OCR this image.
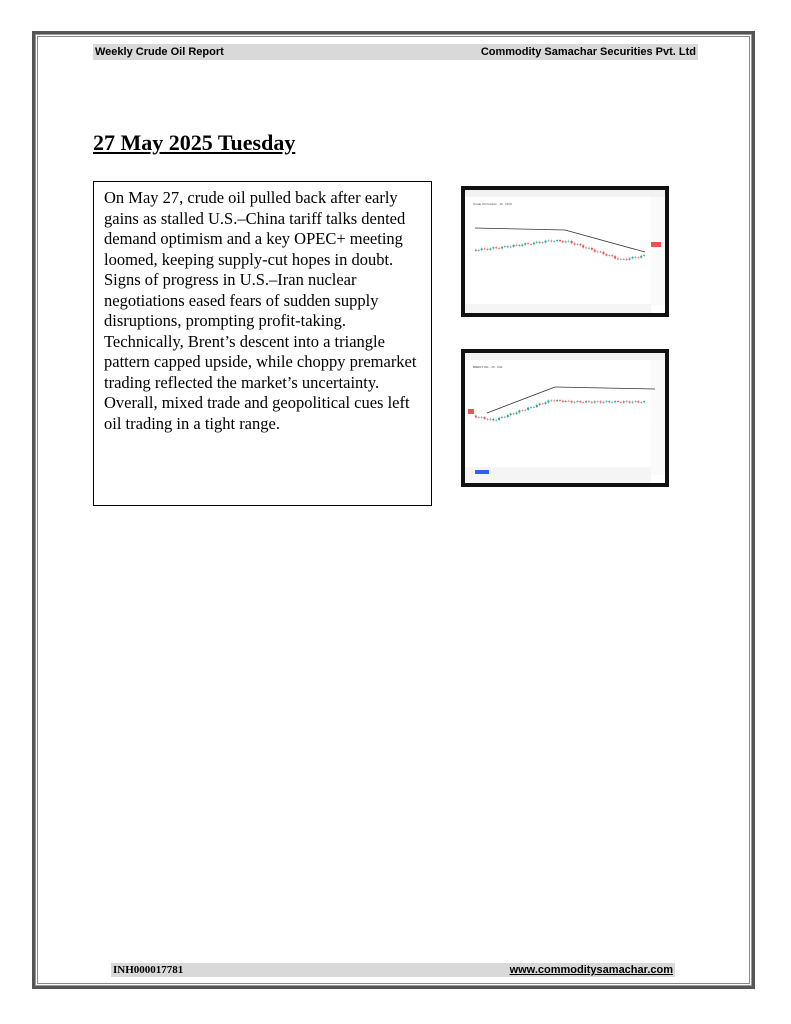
Weekly Crude Oil Report	Commodity Samachar Securities Pvt. Ltd
27 May 2025 Tuesday
On May 27, crude oil pulled back after early gains as stalled U.S.–China tariff talks dented demand optimism and a key OPEC+ meeting loomed, keeping supply-cut hopes in doubt. Signs of progress in U.S.–Iran nuclear negotiations eased fears of sudden supply disruptions, prompting profit-taking. Technically, Brent’s descent into a triangle pattern capped upside, while choppy premarket trading reflected the market’s uncertainty. Overall, mixed trade and geopolitical cues left oil trading in a tight range.
Crude Oil Futures · 1h · NCD
BRENT OIL · 15 · ICE
INH000017781	www.commoditysamachar.com
